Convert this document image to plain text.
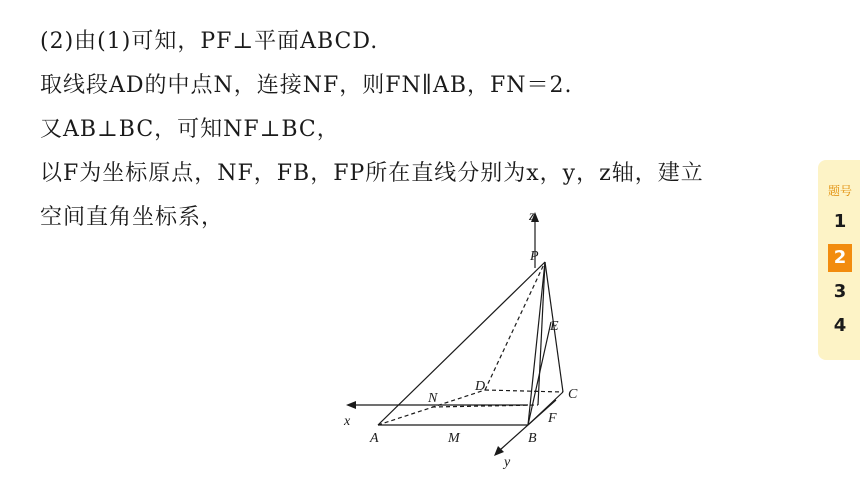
(2)由(1)可知，PF⊥平面ABCD.
取线段AD的中点N，连接NF，则FN∥AB，FN＝2.
又AB⊥BC，可知NF⊥BC，
以F为坐标原点，NF，FB，FP所在直线分别为x，y，z轴，建立
空间直角坐标系，	z
x
y
P
E
D
C
N
F
A	M	B
题号
1
2
3
4
